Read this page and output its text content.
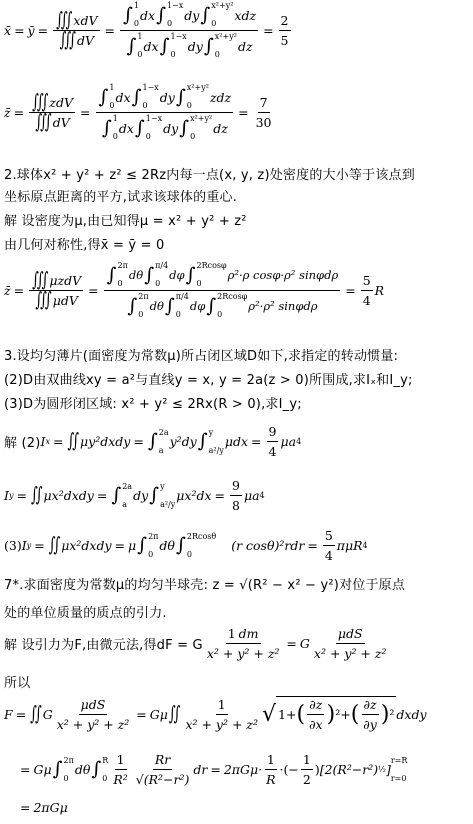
x̄ = ȳ = ∫∫∫ xdV
∫∫∫ dV
=
∫ 1
0
dx ∫ 1−x
0
dy ∫ x²+y²
0
xdz
∫ 1
0
dx ∫ 1−x
0
dy ∫ x²+y²
0
dz
= $\frac{2}{5}$
z̄ = ∫∫∫ zdV
∫∫∫ dV
=
∫ 1
0
dx ∫ 1−x
0
dy ∫ x²+y²
0
zdz
∫ 1
0
dx ∫ 1−x
0
dy ∫ x²+y²
0
dz
= $\frac{7}{30}$
2.球体x² + y² + z² ≤ 2Rz内每一点(x, y, z)处密度的大小等于该点到
坐标原点距离的平方,试求该球体的重心.
解 设密度为μ,由已知得μ = x² + y² + z²
由几何对称性,得x̄ = ȳ = 0
z̄ = ∫∫∫ μzdV
∫∫∫ μdV
=
∫ 2π
0
dθ ∫ π/4
0
dφ ∫ 2Rcosφ
0
ρ²·ρ cosφ·ρ² sinφdρ
∫ 2π
0
dθ ∫ π/4
0
dφ ∫ 2Rcosφ
0
ρ²·ρ² sinφdρ
= $\frac{5}{4}$ R
3.设均匀薄片(面密度为常数μ)所占闭区域D如下,求指定的转动惯量:
(2)D由双曲线xy = a²与直线y = x, y = 2a(z > 0)所围成,求Iₓ和I_y;
(3)D为圆形闭区域: x² + y² ≤ 2Rx(R > 0),求I_y;
解 (2) I x = ∫∫ μy²dxdy = ∫ 2a
a
y²dy ∫ y
a²/y
$\mu dx = \frac{9}{4}$ μa 4
I y = ∫∫ μx²dxdy = ∫ 2a
a
dy ∫ y
a²/y
$\mu x^2dx = \frac{9}{8}$ μa 4
(3) I y = ∫∫ μx²dxdy = μ ∫ 2π
0
dθ ∫ 2Rcosθ
0
(r $\cos\theta)^2rdr = \frac{5}{4}$ πμR 4
7*.求面密度为常数μ的均匀半球壳: z = √(R² − x² − y²)对位于原点
处的单位质量的质点的引力.
解 设引力为F,由微元法,得dF = G $\frac{1 dm}{\text{x² + y² + z²}} = G$
μdS
x² + y² + z²
所以
F = ∫∫ G
μdS
x² + y² + z²
= Gμ ∫∫	1
x² + y² + z² √ 1+ ( ∂z
∂x ) ²+ ( ∂z
∂y ) ² dxdy
= Gμ ∫ 2π
0
dθ ∫ R
0
1
R²
Rr
√(R²−r²)
dr = 2πGμ·
1
R
·(− $\frac{1}{2}$ ) [2(R²−r²) ½ ]
r=R
r=0
= 2πGμ
